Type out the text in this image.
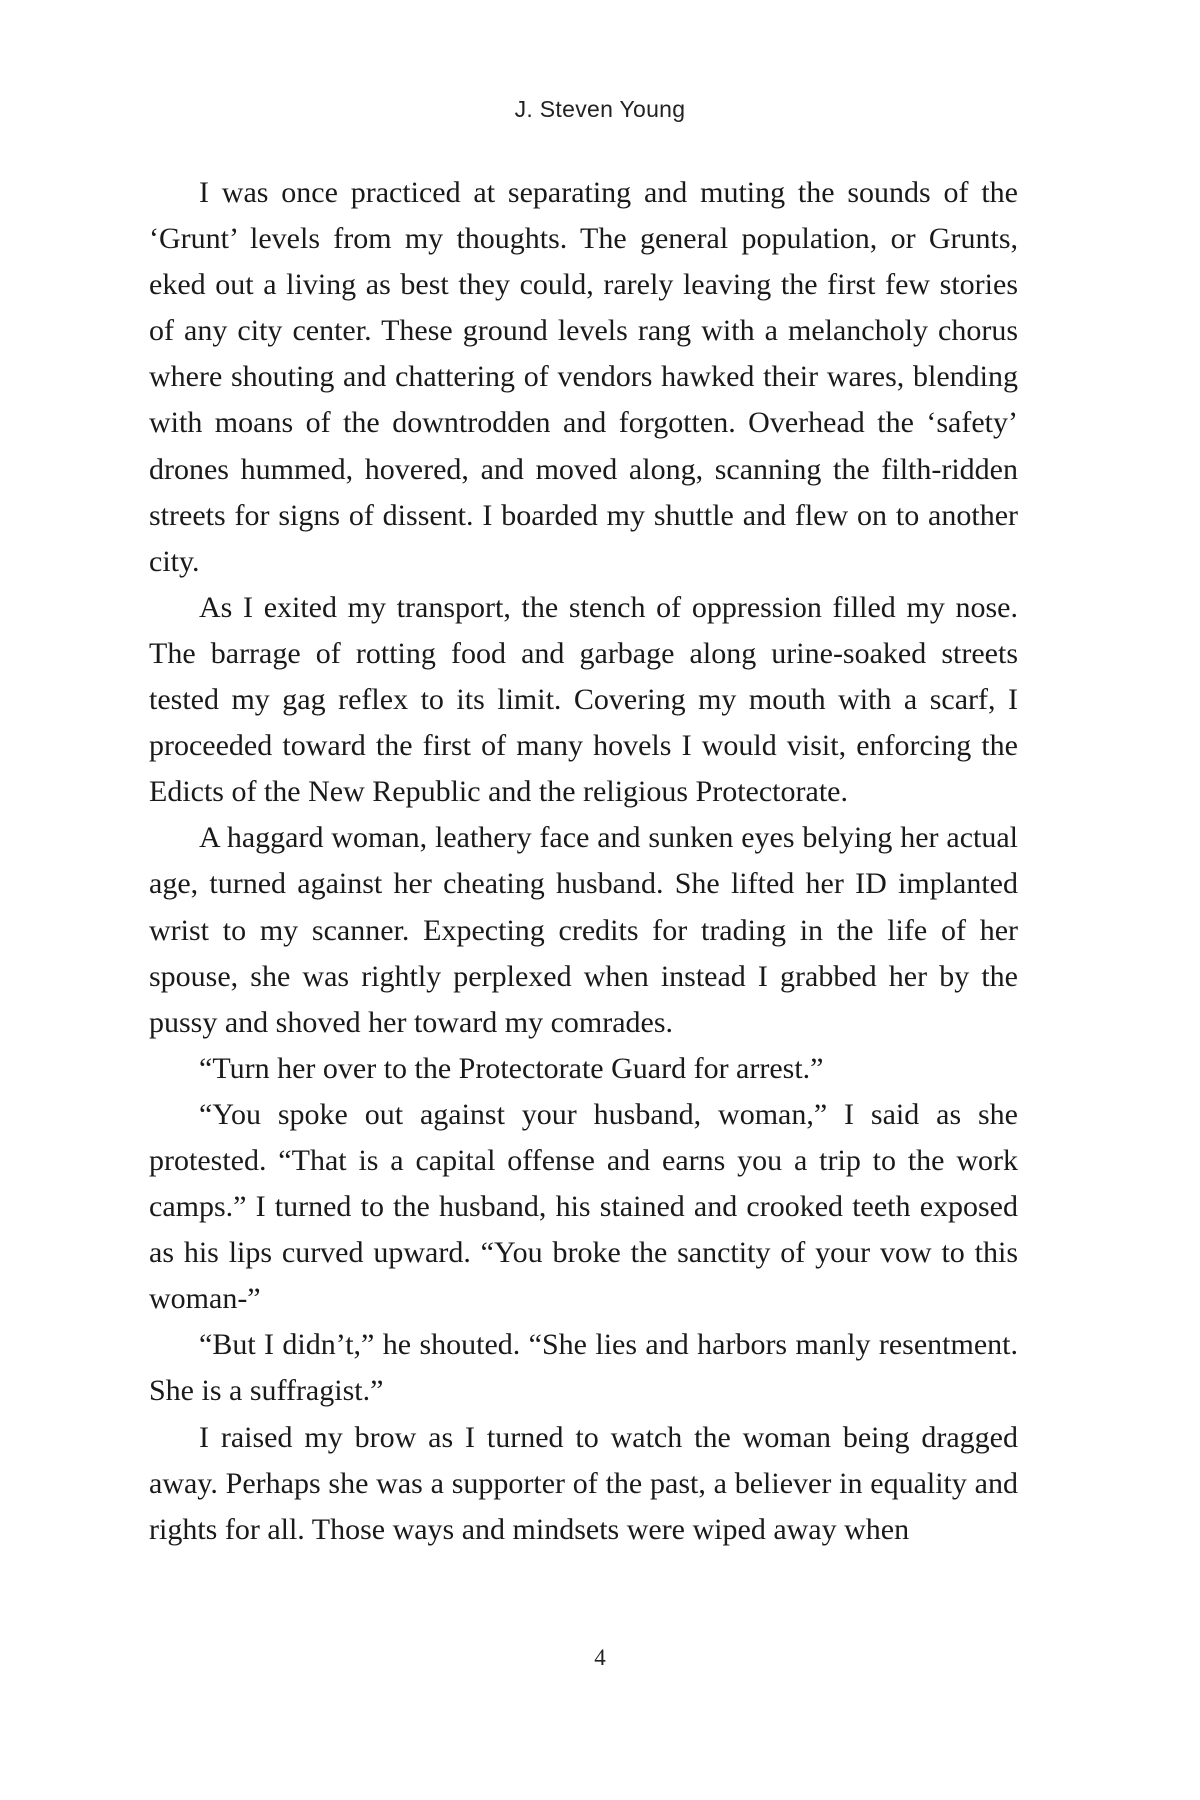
J. Steven Young

I was once practiced at separating and muting the sounds of the ‘Grunt’ levels from my thoughts. The general population, or Grunts, eked out a living as best they could, rarely leaving the first few stories of any city center. These ground levels rang with a melancholy chorus where shouting and chattering of vendors hawked their wares, blending with moans of the downtrodden and forgotten. Overhead the ‘safety’ drones hummed, hovered, and moved along, scanning the filth-ridden streets for signs of dissent. I boarded my shuttle and flew on to another city.

As I exited my transport, the stench of oppression filled my nose. The barrage of rotting food and garbage along urine-soaked streets tested my gag reflex to its limit. Covering my mouth with a scarf, I proceeded toward the first of many hovels I would visit, enforcing the Edicts of the New Republic and the religious Protectorate.

A haggard woman, leathery face and sunken eyes belying her actual age, turned against her cheating husband. She lifted her ID implanted wrist to my scanner. Expecting credits for trading in the life of her spouse, she was rightly perplexed when instead I grabbed her by the pussy and shoved her toward my comrades.

“Turn her over to the Protectorate Guard for arrest.”

“You spoke out against your husband, woman,” I said as she protested. “That is a capital offense and earns you a trip to the work camps.” I turned to the husband, his stained and crooked teeth exposed as his lips curved upward. “You broke the sanctity of your vow to this woman-”

“But I didn’t,” he shouted. “She lies and harbors manly resentment. She is a suffragist.”

I raised my brow as I turned to watch the woman being dragged away. Perhaps she was a supporter of the past, a believer in equality and rights for all. Those ways and mindsets were wiped away when

4
